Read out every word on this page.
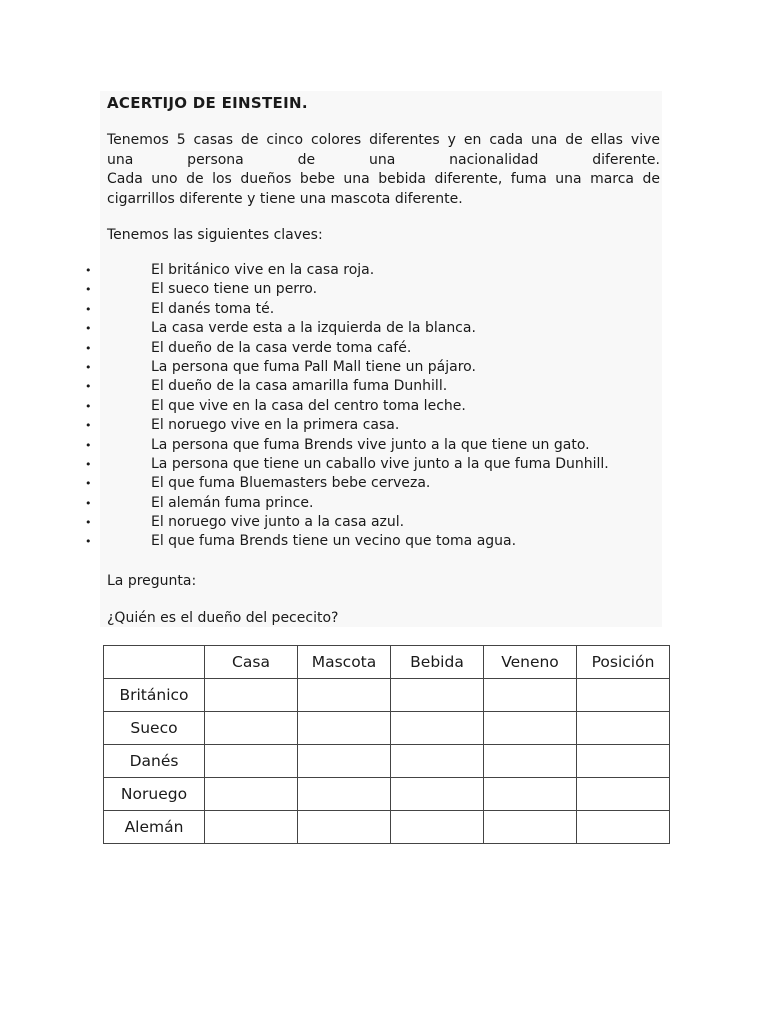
ACERTIJO DE EINSTEIN.

Tenemos 5 casas de cinco colores diferentes y en cada una de ellas vive
una persona de una nacionalidad diferente.
Cada uno de los dueños bebe una bebida diferente, fuma una marca de
cigarrillos diferente y tiene una mascota diferente.

Tenemos las siguientes claves:

•	El británico vive en la casa roja.
•	El sueco tiene un perro.
•	El danés toma té.
•	La casa verde esta a la izquierda de la blanca.
•	El dueño de la casa verde toma café.
•	La persona que fuma Pall Mall tiene un pájaro.
•	El dueño de la casa amarilla fuma Dunhill.
•	El que vive en la casa del centro toma leche.
•	El noruego vive en la primera casa.
•	La persona que fuma Brends vive junto a la que tiene un gato.
•	La persona que tiene un caballo vive junto a la que fuma Dunhill.
•	El que fuma Bluemasters bebe cerveza.
•	El alemán fuma prince.
•	El noruego vive junto a la casa azul.
•	El que fuma Brends tiene un vecino que toma agua.

La pregunta:

¿Quién es el dueño del pececito?

	Casa	Mascota	Bebida	Veneno	Posición
Británico					
Sueco					
Danés					
Noruego					
Alemán					
